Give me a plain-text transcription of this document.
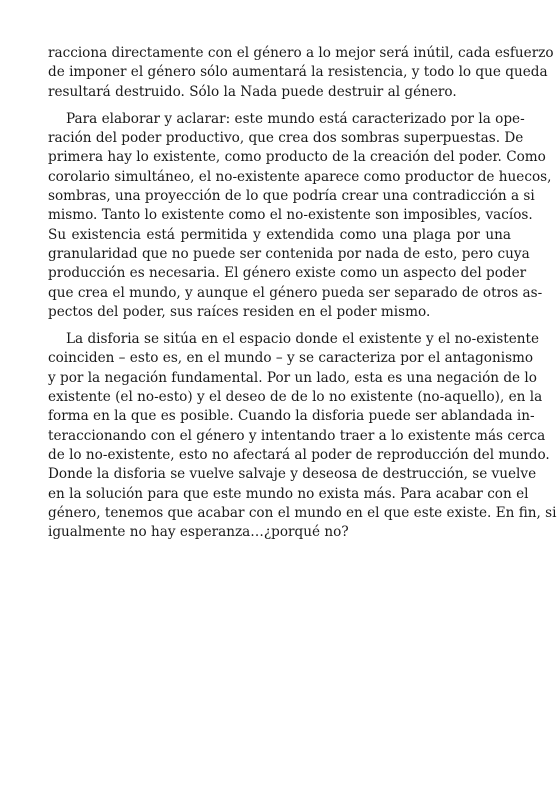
racciona directamente con el género a lo mejor será inútil, cada esfuerzo
de imponer el género sólo aumentará la resistencia, y todo lo que queda
resultará destruido. Sólo la Nada puede destruir al género.
Para elaborar y aclarar: este mundo está caracterizado por la ope-
ración del poder productivo, que crea dos sombras superpuestas. De
primera hay lo existente, como producto de la creación del poder. Como
corolario simultáneo, el no-existente aparece como productor de huecos,
sombras, una proyección de lo que podría crear una contradicción a si
mismo. Tanto lo existente como el no-existente son imposibles, vacíos.
Su existencia está permitida y extendida como una plaga por una
granularidad que no puede ser contenida por nada de esto, pero cuya
producción es necesaria. El género existe como un aspecto del poder
que crea el mundo, y aunque el género pueda ser separado de otros as-
pectos del poder, sus raíces residen en el poder mismo.
La disforia se sitúa en el espacio donde el existente y el no-existente
coinciden – esto es, en el mundo – y se caracteriza por el antagonismo
y por la negación fundamental. Por un lado, esta es una negación de lo
existente (el no-esto) y el deseo de de lo no existente (no-aquello), en la
forma en la que es posible. Cuando la disforia puede ser ablandada in-
teraccionando con el género y intentando traer a lo existente más cerca
de lo no-existente, esto no afectará al poder de reproducción del mundo.
Donde la disforia se vuelve salvaje y deseosa de destrucción, se vuelve
en la solución para que este mundo no exista más. Para acabar con el
género, tenemos que acabar con el mundo en el que este existe. En fin, si
igualmente no hay esperanza…¿porqué no?
